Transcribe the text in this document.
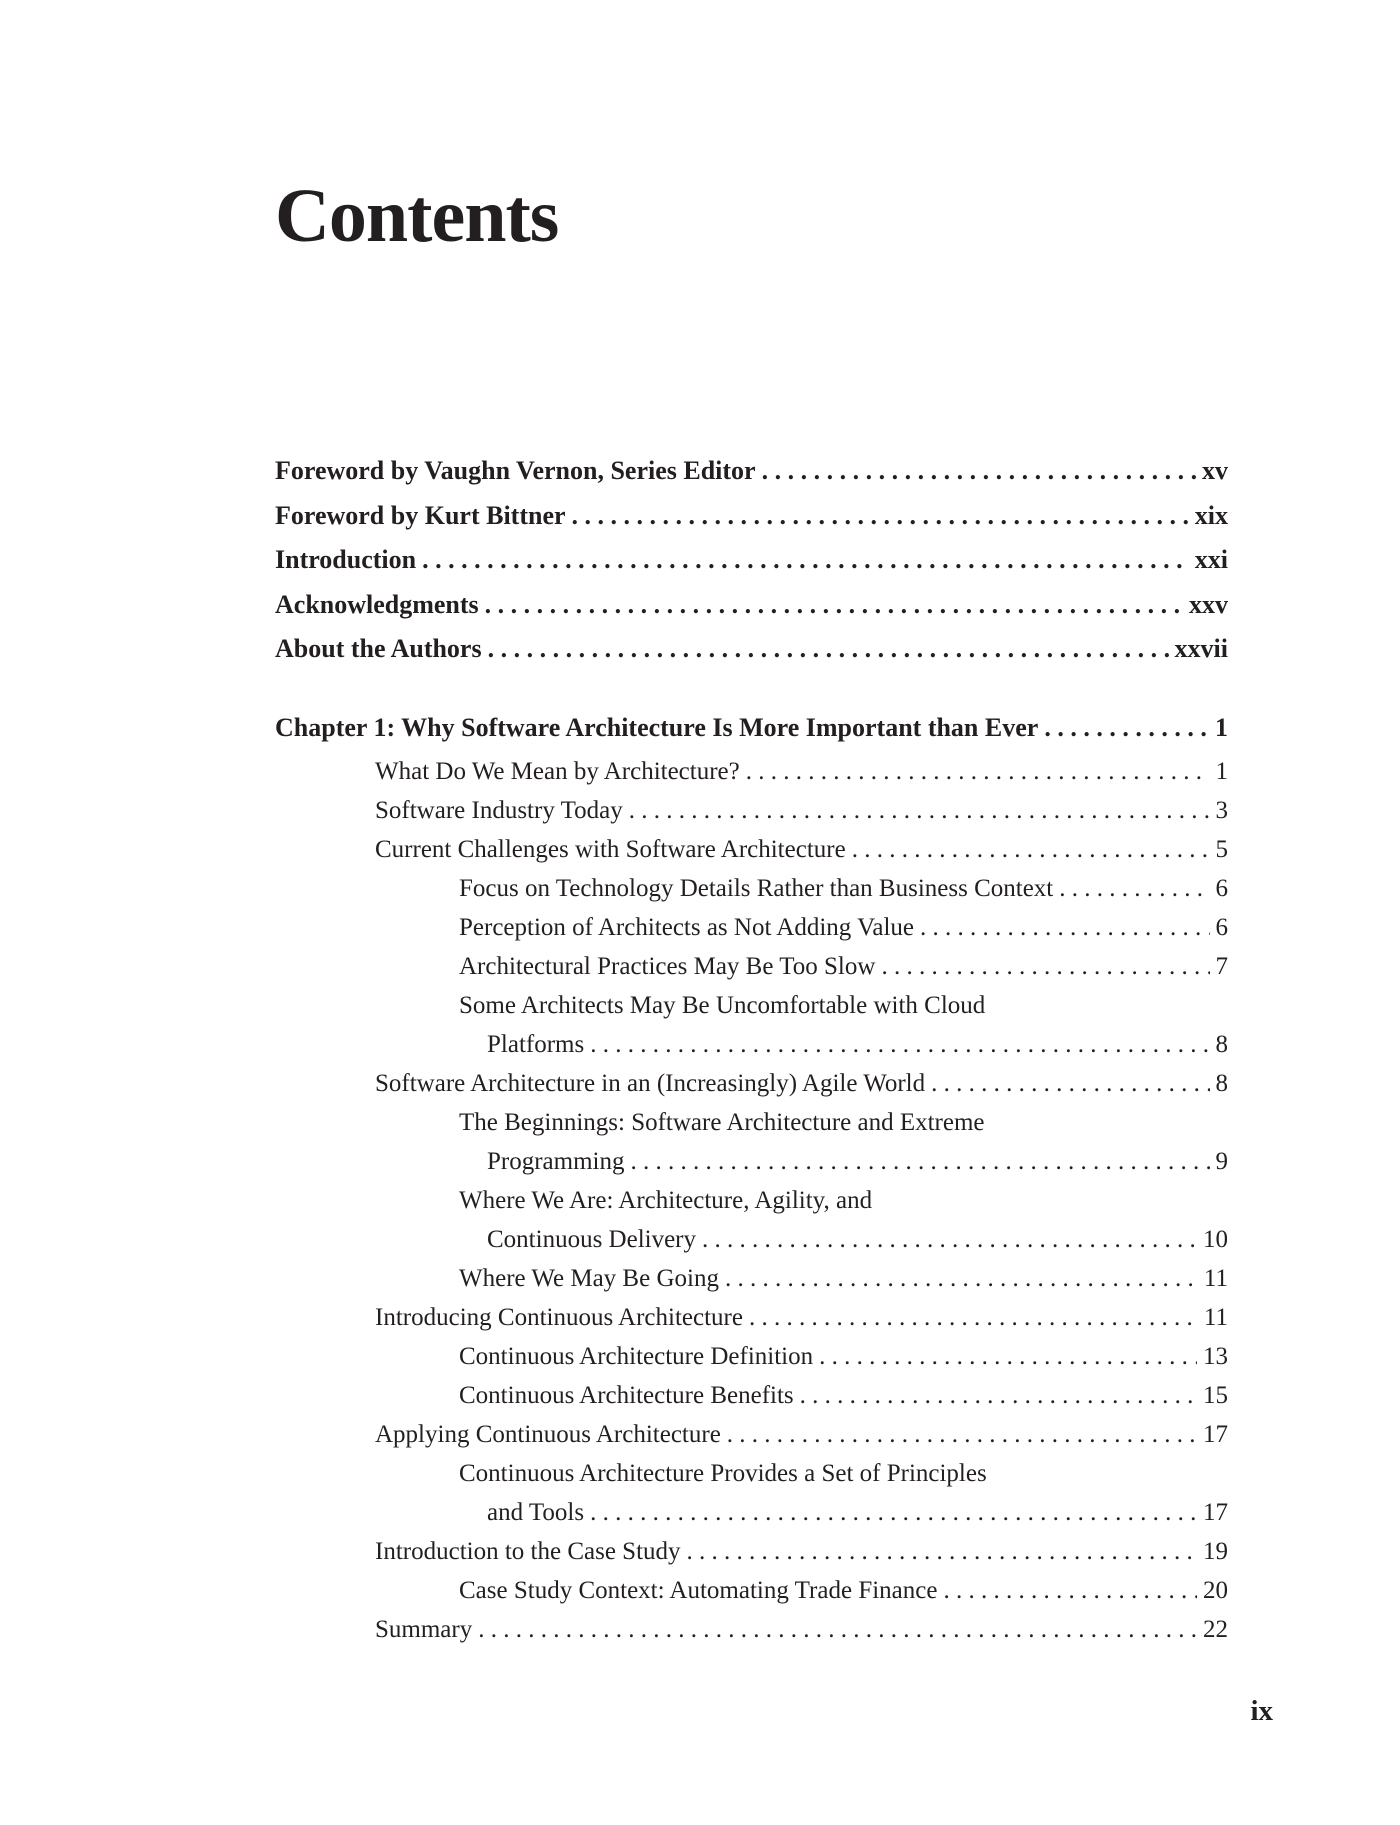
Contents
Foreword by Vaughn Vernon, Series Editor . . .	xv
Foreword by Kurt Bittner . . .	xix
Introduction . . .	xxi
Acknowledgments . . .	xxv
About the Authors . . .	xxvii
Chapter 1: Why Software Architecture Is More Important than Ever . . .	1
What Do We Mean by Architecture? . . .	1
Software Industry Today . . .	3
Current Challenges with Software Architecture . . .	5
Focus on Technology Details Rather than Business Context . . .	6
Perception of Architects as Not Adding Value . . .	6
Architectural Practices May Be Too Slow . . .	7
Some Architects May Be Uncomfortable with Cloud
Platforms . . .	8
Software Architecture in an (Increasingly) Agile World . . .	8
The Beginnings: Software Architecture and Extreme
Programming . . .	9
Where We Are: Architecture, Agility, and
Continuous Delivery . . .	10
Where We May Be Going . . .	11
Introducing Continuous Architecture . . .	11
Continuous Architecture Definition . . .	13
Continuous Architecture Benefits . . .	15
Applying Continuous Architecture . . .	17
Continuous Architecture Provides a Set of Principles
and Tools . . .	17
Introduction to the Case Study . . .	19
Case Study Context: Automating Trade Finance . . .	20
Summary . . .	22
ix
